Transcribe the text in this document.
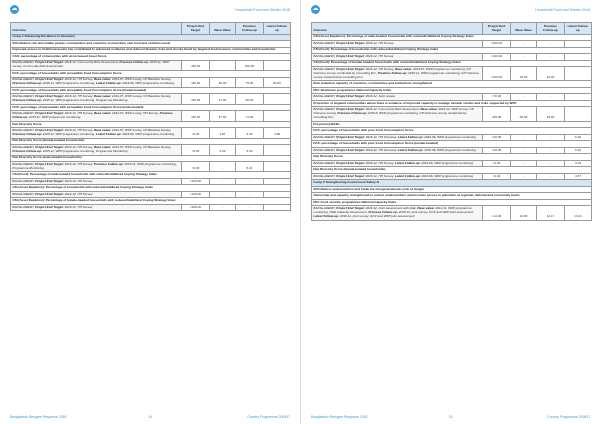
☁	Household Food and Shelter 2018
Outcome	Project End Target	Base Value	Previous Follow-up	Latest Follow-up
Comp.1 Enhancing Resilience to Disasters				
SO4 Reduce risk and enable people, communities and countries to meet their own food and nutrition needs				
Improved access to livelihood assets has contributed to enhanced resilience and reduced disaster risks and shocks faced by targeted food-insecure communities and households				
CAS: percentage of communities with an increased Asset Score				
BANGLADESH, Project End Target: 2016.12, Community Risk Assessment, Previous Follow-up: 2015.11, WFP survey, Community Risk Assessment	>80.00	-	100.00	
FCS: percentage of households with acceptable Food Consumption Score				
BANGLADESH, Project End Target: 2016.12, HH Survey, Base value: 2014.07, WFP survey, CP Baseline Survey, Previous Follow-up: 2015.11, WFP programme monitoring, Latest Follow-up: 2016.06, WFP programme monitoring	>80.00	60.00	75.00	82.00
FCS: percentage of households with acceptable Food Consumption Score (female-headed)				
BANGLADESH, Project End Target: 2016.12, HH Survey, Base value: 2014.07, WFP survey, CP Baseline Survey, Previous Follow-up: 2015.11, WFP programme monitoring, Programme Monitoring	>80.00	27.00	66.20	
FCS: percentage of households with acceptable Food Consumption Score (male-headed)				
BANGLADESH, Project End Target: 2016.12, HH Survey, Base value: 2014.07, WFP survey, HH Survey, Previous Follow-up: 2015.11, WFP programme monitoring	>80.00	57.00	72.00	
Diet Diversity Score				
BANGLADESH, Project End Target: 2016.12, HH Survey, Base value: 2014.07, WFP survey, CP Baseline Survey, Previous Follow-up: 2015.11, WFP programme monitoring, Latest Follow-up: 2016.06, WFP programme monitoring	>5.00	4.87	5.20	4.88
Diet Diversity Score (female-headed households)				
BANGLADESH, Project End Target: 2016.12, HH Survey, Base value: 2014.07, WFP survey, CP Baseline Survey, Previous Follow-up: 2015.11, WFP programme monitoring, Programme Monitoring	>5.00	4.69	5.00	
Diet Diversity Score (male-headed households)				
BANGLADESH, Project End Target: 2016.12, HH Survey, Previous Follow-up: 2015.11, WFP programme monitoring, Programme Monitoring	>5.00	-	5.21	
CSI (Food): Percentage of male-headed households with reduced/stabilized Coping Strategy Index				
BANGLADESH, Project End Target: 2016.12, HH Survey	=100.00	-	-	
CSI (Asset Depletion): Percentage of households with reduced/stabilized Coping Strategy Index				
BANGLADESH, Project End Target: 2016.12, HH Survey	=100.00	-	-	
CSI (Asset Depletion): Percentage of female-headed households with reduced/stabilized Coping Strategy Index				
BANGLADESH, Project End Target: 2016.12, HH Survey	=100.00	-	-	
Bangladesh Refugee Response 2018	14	Country Programme 200817
☁	Household Food and Shelter 2018
Outcome	Project End Target	Base Value	Previous Follow-up	Latest Follow-up
CSI (Asset Depletion): Percentage of male-headed households with reduced/stabilized Coping Strategy Index				
BANGLADESH, Project End Target: 2016.12, HH Survey	=100.00	-	-	
CSI (Food): Percentage of households with reduced/stabilized Coping Strategy Index				
BANGLADESH, Project End Target: 2016.12, HH Survey	=100.00	-	-	
CSI (Food): Percentage of female-headed households with reduced/stabilized Coping Strategy Index				
BANGLADESH, Project End Target: 2016.12, HH Survey, Base value: 2014.07, WFP programme monitoring, CP Outcome survey conducted by consulting firm, Previous Follow-up: 2015.11, WFP programme monitoring, CP Outcome survey conducted by consulting firm	=100.00	26.00	22.00	
Risk reduction capacity of countries, communities and institutions strengthened				
NCI: Resilience programmes National Capacity Index				
BANGLADESH, Project End Target: 2016.12, Joint review	>70.00	-	-	
Proportion of targeted communities where there is evidence of improved capacity to manage climatic shocks and risks supported by WFP				
BANGLADESH, Project End Target: 2016.12, Community Risk Assessment, Base value: 2014.12, WFP survey, CP Outcome survey, Previous Follow-up: 2015.8, WFP programme monitoring, CP Outcome survey conducted by consulting firm	>80.00	60.00	93.00	
Pre-primary/ECDs				
FCS: percentage of households with poor Food Consumption Score				
BANGLADESH, Project End Target: 2016.12, HH Interview, Latest Follow-up: 2016.06, WFP programme monitoring	<20.00	-	-	6.20
FCS: percentage of households with poor Food Consumption Score (female-headed)				
BANGLADESH, Project End Target: 2016.12, HH Interview, Latest Follow-up: 2016.06, WFP programme monitoring	<20.00	-	-	6.10
Diet Diversity Score				
BANGLADESH, Project End Target: 2016.12, HH Survey, Latest Follow-up: 2016.06, WFP programme monitoring	>4.00	-	-	4.79
Diet Diversity Score (female-headed households)				
BANGLADESH, Project End Target: 2016.12, HH Survey, Latest Follow-up: 2016.06, WFP programme monitoring	>4.00	-	-	4.67
Comp.5 Strengthening Government Safety N				
SO4 Reduce undernutrition and break the intergenerational cycle of hunger				
Ownership and capacity strengthened to reduce undernutrition and increase access to education at regional, national and community levels				
NCI: Food security programmes National Capacity Index				
BANGLADESH, Project End Target: 2016.12, Joint assessment with DoE, Base value: 2012.11, WFP programme monitoring, NSD Capacity Assessment, Previous Follow-up: 2015.10, joint survey, GOV and WFP joint assessment, Latest Follow-up: 2016.12, joint survey, GOV and WFP joint assessment	>14.00	10.90	12.17	13.21
Bangladesh Refugee Response 2018	15	Country Programme 200817
